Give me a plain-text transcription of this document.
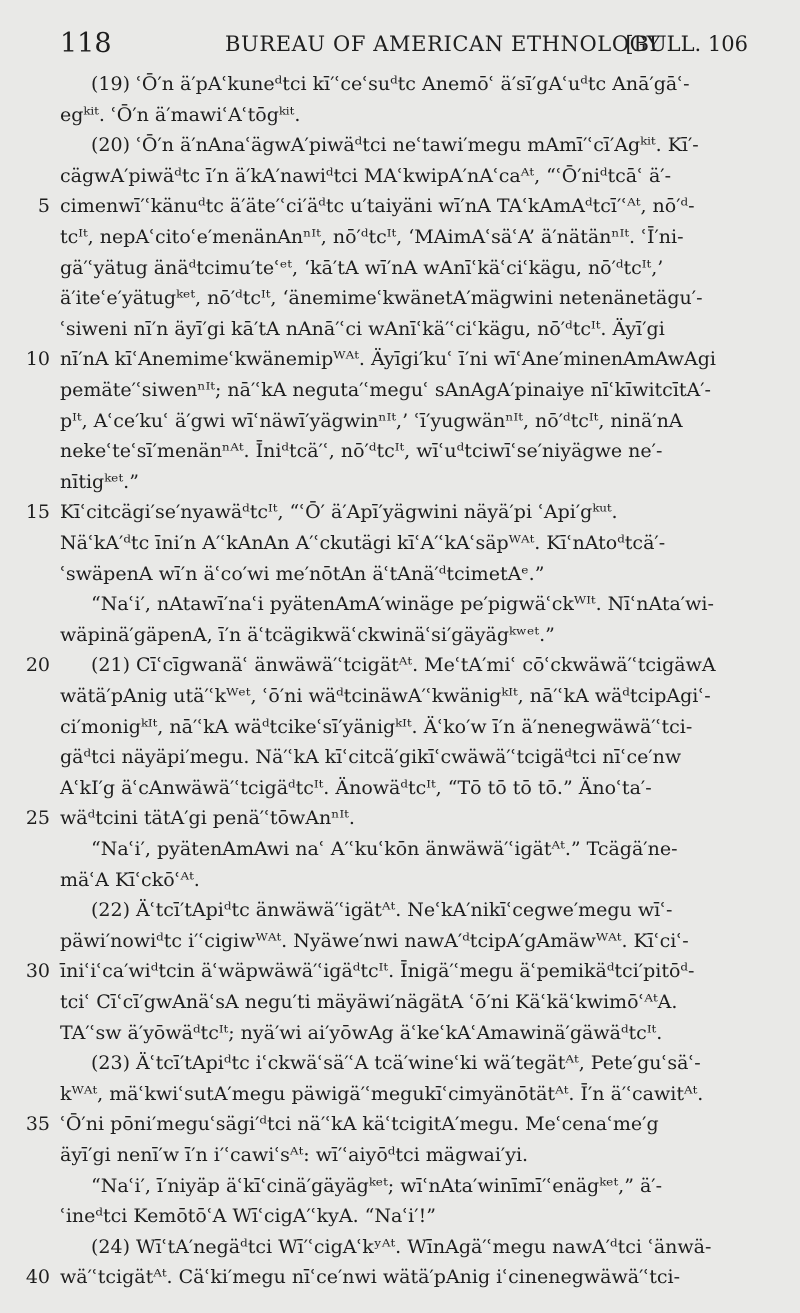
118	BUREAU OF AMERICAN ETHNOLOGY
[BULL. 106
(19) ʿŌ′n ä′pAʿkuneᵈtci kī′ʿceʿsuᵈtc Anemōʿ ä′sī′gAʿuᵈtc Anā′gāʿ-
egᵏⁱᵗ. ʿŌ′n ä′mawiʿAʿtōgᵏⁱᵗ.
(20) ʿŌ′n ä′nAnaʿägwA′piwäᵈtci neʿtawi′megu mAmī′ʿcī′Agᵏⁱᵗ. Kī′-
cägwA′piwäᵈtc ī′n ä′kA′nawiᵈtci MAʿkwipA′nAʿcaᴬᵗ, “ʿŌ′niᵈtcāʿ ä′-
5 cimenwī′ʿkänuᵈtc ä′äte′ʿci′äᵈtc u′taiyäni wī′nA TAʿkAmAᵈtcī′ʿᴬᵗ, nō′ᵈ-
tcᴵᵗ, nepAʿcitoʿe′menänAnⁿᴵᵗ, nō′ᵈtcᴵᵗ, ‘MAimAʿsäʿA’ ä′nätänⁿᴵᵗ. ʿĪ′ni-
gä′ʿyätug änäᵈtcimu′teʿᵉᵗ, ‘kā′tA wī′nA wAnīʿkäʿciʿkägu, nō′ᵈtcᴵᵗ,’
ä′iteʿe′yätugᵏᵉᵗ, nō′ᵈtcᴵᵗ, ‘änemimeʿkwänetA′mägwini netenänetägu′-
ʿsiweni nī′n äyī′gi kā′tA nAnā′ʿci wAnīʿkä′ʿciʿkägu, nō′ᵈtcᴵᵗ. Äyī′gi
10 nī′nA kīʿAnemimeʿkwänemipᵂᴬᵗ. Äyīgi′kuʿ ī′ni wīʿAne′minenAmAwAgi
pemäte′ʿsiwenⁿᴵᵗ; nā′ʿkA neguta′ʿmeguʿ sAnAgA′pinaiye nīʿkīwitcītA′-
pᴵᵗ, Aʿce′kuʿ ä′gwi wīʿnäwī′yägwinⁿᴵᵗ,’ ʿī′yugwänⁿᴵᵗ, nō′ᵈtcᴵᵗ, ninä′nA
nekeʿteʿsī′menänⁿᴬᵗ. Īniᵈtcä′ʿ, nō′ᵈtcᴵᵗ, wīʿuᵈtciwīʿse′niyägwe ne′-
nītigᵏᵉᵗ.”
15 Kīʿcitcägi′se′nyawäᵈtcᴵᵗ, “ʿŌ′ ä′Apī′yägwini näyä′pi ʿApi′gᵏᵘᵗ.
NäʿkA′ᵈtc īni′n A′ʿkAnAn A′ʿckutägi kīʿA′ʿkAʿsäpᵂᴬᵗ. KīʿnAtoᵈtcä′-
ʿswäpenA wī′n äʿco′wi me′nōtAn äʿtAnä′ᵈtcimetAᵉ.”
“Naʿi′, nAtawī′naʿi pyätenAmA′winäge pe′pigwäʿckᵂᴵᵗ. NīʿnAta′wi-
wäpinä′gäpenA, ī′n äʿtcägikwäʿckwinäʿsi′gäyägᵏʷᵉᵗ.”
20 (21) Cīʿcīgwanäʿ änwäwä′ʿtcigätᴬᵗ. MeʿtA′miʿ cōʿckwäwä′ʿtcigäwA
wätä′pAnig utä′ʿkᵂᵉᵗ, ʿō′ni wäᵈtcinäwA′ʿkwänigᵏᴵᵗ, nā′ʿkA wäᵈtcipAgiʿ-
ci′monigᵏᴵᵗ, nā′ʿkA wäᵈtcikeʿsī′yänigᵏᴵᵗ. Äʿko′w ī′n ä′nenegwäwä′ʿtci-
gäᵈtci näyäpi′megu. Nä′ʿkA kīʿcitcä′gikīʿcwäwä′ʿtcigäᵈtci nīʿce′nw
AʿkI′g äʿcAnwäwä′ʿtcigäᵈtcᴵᵗ. Änowäᵈtcᴵᵗ, “Tō tō tō tō.” Änoʿta′-
25 wäᵈtcini tätA′gi penä′ʿtōwAnⁿᴵᵗ.
“Naʿi′, pyätenAmAwi naʿ A′ʿkuʿkōn änwäwä′ʿigätᴬᵗ.” Tcägä′ne-
mäʿA Kīʿckōʿᴬᵗ.
(22) Äʿtcī′tApiᵈtc änwäwä′ʿigätᴬᵗ. NeʿkA′nikīʿcegwe′megu wīʿ-
päwi′nowiᵈtc i′ʿcigiwᵂᴬᵗ. Nyäwe′nwi nawA′ᵈtcipA′gAmäwᵂᴬᵗ. Kīʿciʿ-
30 īniʿiʿca′wiᵈtcin äʿwäpwäwä′ʿigäᵈtcᴵᵗ. Īnigä′ʿmegu äʿpemikäᵈtci′pitōᵈ-
tciʿ Cīʿcī′gwAnäʿsA negu′ti mäyäwi′nägätA ʿō′ni KäʿkäʿkwimōʿᴬᵗA.
TA′ʿsw ä′yōwäᵈtcᴵᵗ; nyä′wi ai′yōwAg äʿkeʿkAʿAmawinä′gäwäᵈtcᴵᵗ.
(23) Äʿtcī′tApiᵈtc iʿckwäʿsä′ʿA tcä′wineʿki wä′tegätᴬᵗ, Pete′guʿsäʿ-
kᵂᴬᵗ, mäʿkwiʿsutA′megu päwigä′ʿmegukīʿcimyänōtätᴬᵗ. Ī′n ä′ʿcawitᴬᵗ.
35 ʿŌ′ni pōni′meguʿsägi′ᵈtci nä′ʿkA käʿtcigitA′megu. Meʿcenaʿme′g
äyī′gi nenī′w ī′n i′ʿcawiʿsᴬᵗ: wī′ʿaiyōᵈtci mägwai′yi.
“Naʿi′, ī′niyäp äʿkīʿcinä′gäyägᵏᵉᵗ; wīʿnAta′winīmī′ʿenägᵏᵉᵗ,” ä′-
ʿineᵈtci KemōtōʿA WīʿcigA′ʿkyA. “Naʿi′!”
(24) WīʿtA′negäᵈtci Wī′ʿcigAʿkʸᴬᵗ. WīnAgä′ʿmegu nawA′ᵈtci ʿänwä-
40 wä′ʿtcigätᴬᵗ. Cäʿki′megu nīʿce′nwi wätä′pAnig iʿcinenegwäwä′ʿtci-
